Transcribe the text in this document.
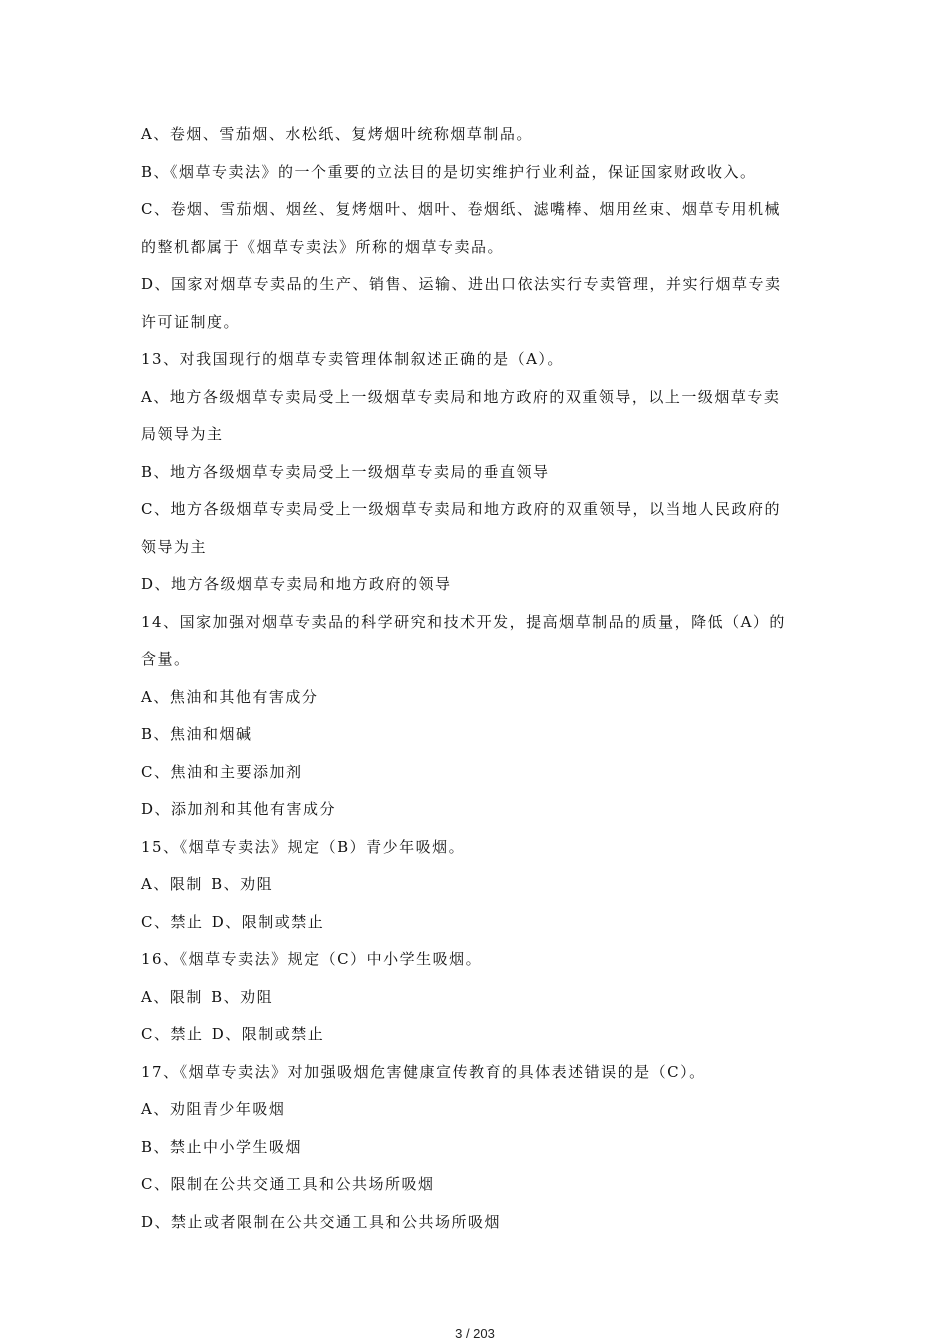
A、卷烟、雪茄烟、水松纸、复烤烟叶统称烟草制品。
B、《烟草专卖法》的一个重要的立法目的是切实维护行业利益，保证国家财政收入。
C、卷烟、雪茄烟、烟丝、复烤烟叶、烟叶、卷烟纸、滤嘴棒、烟用丝束、烟草专用机械
的整机都属于《烟草专卖法》所称的烟草专卖品。
D、国家对烟草专卖品的生产、销售、运输、进出口依法实行专卖管理，并实行烟草专卖
许可证制度。
13、对我国现行的烟草专卖管理体制叙述正确的是（A）。
A、地方各级烟草专卖局受上一级烟草专卖局和地方政府的双重领导，以上一级烟草专卖
局领导为主
B、地方各级烟草专卖局受上一级烟草专卖局的垂直领导
C、地方各级烟草专卖局受上一级烟草专卖局和地方政府的双重领导，以当地人民政府的
领导为主
D、地方各级烟草专卖局和地方政府的领导
14、国家加强对烟草专卖品的科学研究和技术开发，提高烟草制品的质量，降低（A）的
含量。
A、焦油和其他有害成分
B、焦油和烟碱
C、焦油和主要添加剂
D、添加剂和其他有害成分
15、《烟草专卖法》规定（B）青少年吸烟。
A、限制 B、劝阻
C、禁止 D、限制或禁止
16、《烟草专卖法》规定（C）中小学生吸烟。
A、限制 B、劝阻
C、禁止 D、限制或禁止
17、《烟草专卖法》对加强吸烟危害健康宣传教育的具体表述错误的是（C）。
A、劝阻青少年吸烟
B、禁止中小学生吸烟
C、限制在公共交通工具和公共场所吸烟
D、禁止或者限制在公共交通工具和公共场所吸烟
3 / 203
